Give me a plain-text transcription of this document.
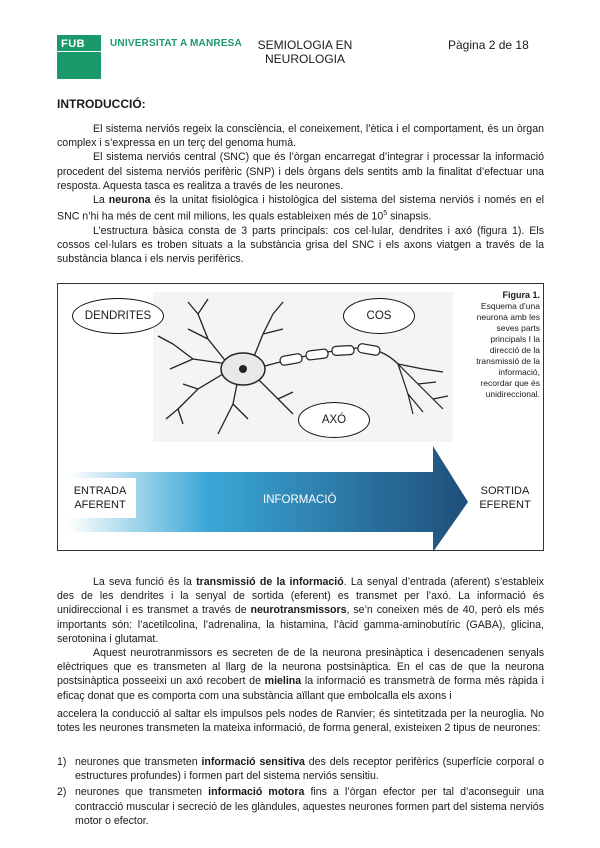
FUB UNIVERSITAT A MANRESA	SEMIOLOGIA EN
NEUROLOGIA
Pàgina 2 de 18
INTRODUCCIÓ:

El sistema nerviós regeix la consciència, el coneixement, l’ètica i el comportament, és un òrgan complex i s’expressa en un terç del genoma humà.

El sistema nerviós central (SNC) que és l’òrgan encarregat d’integrar i processar la informació procedent del sistema nerviós perifèric (SNP) i dels òrgans dels sentits amb la finalitat d’efectuar una resposta. Aquesta tasca es realitza a través de les neurones.

La neurona és la unitat fisiològica i histològica del sistema del sistema nerviós i només en el SNC n’hi ha més de cent mil milions, les quals estableixen més de $10^5$ sinapsis.

L’estructura bàsica consta de 3 parts principals: cos cel·lular, dendrites i axó (figura 1). Els cossos cel·lulars es troben situats a la substància grisa del SNC i els axons viatgen a través de la substància blanca i els nervis perifèrics.

DENDRITES	COS
AXÓ
ENTRADA
AFERENT	INFORMACIÓ
SORTIDA
EFERENT
Figura 1.
Esquema d’una neurona amb les seves parts principals I la direcció de la transmissió de la informació, recordar que és unidireccional.

La seva funció és la transmissió de la informació. La senyal d’entrada (aferent) s’estableix des de les dendrites i la senyal de sortida (eferent) es transmet per l’axó. La informació és unidireccional i es transmet a través de neurotransmissors, se’n coneixen més de 40, però els més importants són: l’acetilcolina, l’adrenalina, la histamina, l’àcid gamma-aminobutíric (GABA), glicina, serotonina i glutamat.

Aquest neurotranmissors es secreten de de la neurona presinàptica i desencadenen senyals elèctriques que es transmeten al llarg de la neurona postsinàptica. En el cas de que la neurona postsinàptica posseeixi un axó recobert de mielina la informació es transmetrà de forma més ràpida i eficaç donat que es comporta com una substància aïllant que embolcalla els axons i

accelera la conducció al saltar els impulsos pels nodes de Ranvier; és sintetitzada per la neuroglia. No totes les neurones transmeten la mateixa informació, de forma general, existeixen 2 tipus de neurones:

1) neurones que transmeten informació sensitiva des dels receptor perifèrics (superfície corporal o estructures profundes) i formen part del sistema nerviós sensitiu.
2) neurones que transmeten informació motora fins a l’òrgan efector per tal d’aconseguir una contracció muscular i secreció de les glàndules, aquestes neurones formen part del sistema nerviós motor o efector.
